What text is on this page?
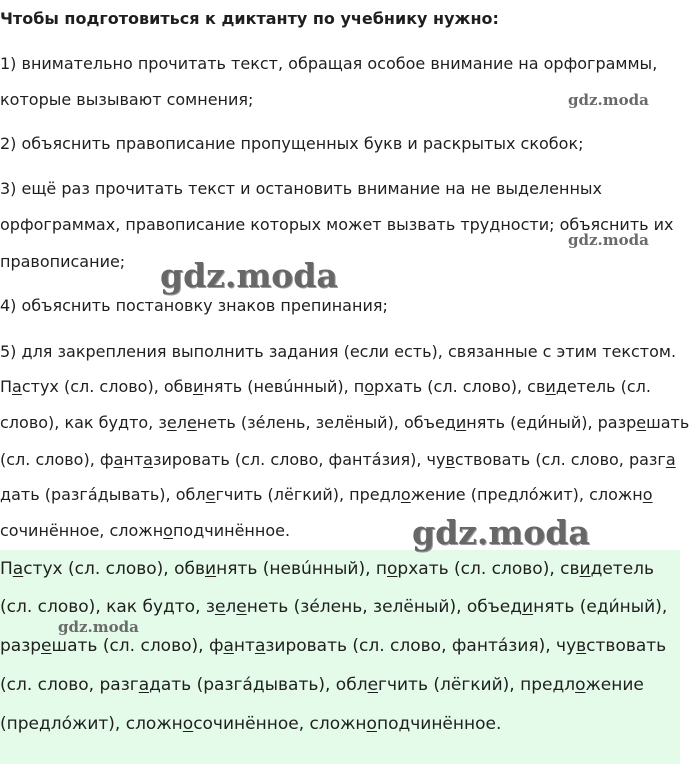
Чтобы подготовиться к диктанту по учебнику нужно:
1) внимательно прочитать текст, обращая особое внимание на орфограммы,
которые вызывают сомнения;
2) объяснить правописание пропущенных букв и раскрытых скобок;
3) ещё раз прочитать текст и остановить внимание на не выделенных
орфограммах, правописание которых может вызвать трудности; объяснить их
правописание;
4) объяснить постановку знаков препинания;
5) для закрепления выполнить задания (если есть), связанные с этим текстом.
Пастух (сл. слово), обвинять (невúнный), порхать (сл. слово), свидетель (сл.
слово), как будто, зеленеть (зе́лень, зелёный), объединять (еди́ный), разрешать
(сл. слово), фантазировать (сл. слово, фанта́зия), чувствовать (сл. слово, разга
дать (разга́дывать), облегчить (лёгкий), предложение (предло́жит), сложно
сочинённое, сложноподчинённое.
Пастух (сл. слово), обвинять (невúнный), порхать (сл. слово), свидетель
(сл. слово), как будто, зеленеть (зе́лень, зелёный), объединять (еди́ный),
разрешать (сл. слово), фантазировать (сл. слово, фанта́зия), чувствовать
(сл. слово, разгадать (разга́дывать), облегчить (лёгкий), предложение
(предло́жит), сложносочинённое, сложноподчинённое.
gdz.moda
gdz.moda
gdz.moda
gdz.moda
gdz.moda
